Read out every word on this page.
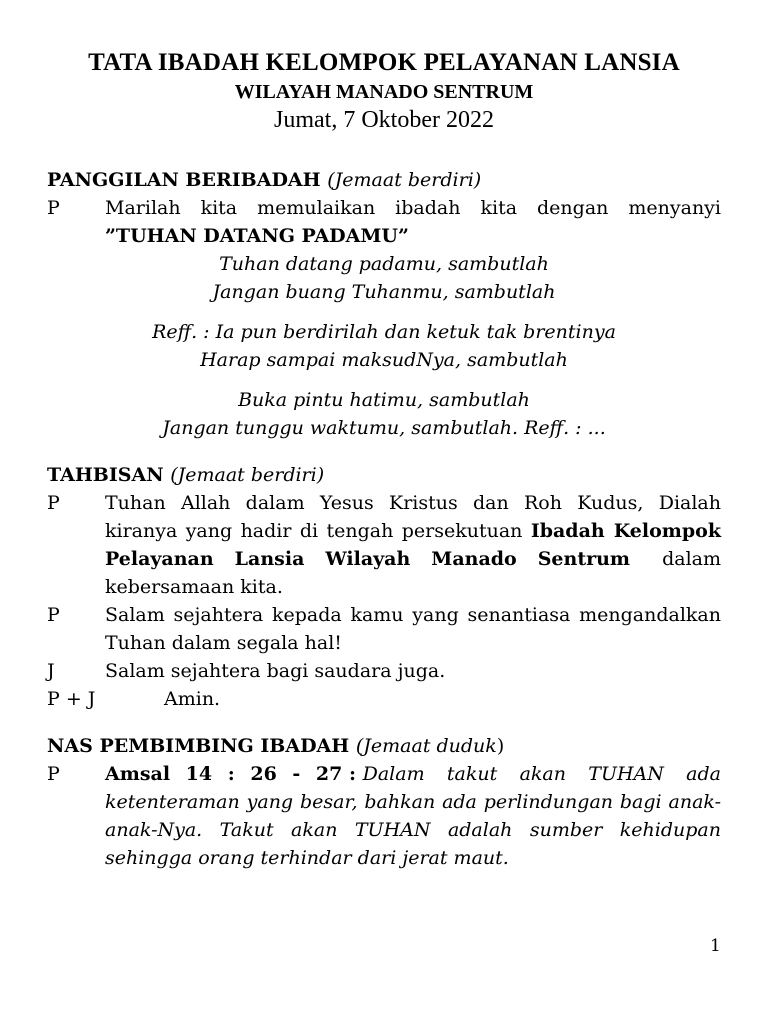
TATA IBADAH KELOMPOK PELAYANAN LANSIA
WILAYAH MANADO SENTRUM
Jumat, 7 Oktober 2022
PANGGILAN BERIBADAH (Jemaat berdiri)
P Marilah kita memulaikan ibadah kita dengan menyanyi
”TUHAN DATANG PADAMU”
Tuhan datang padamu, sambutlah
Jangan buang Tuhanmu, sambutlah
Reff. : Ia pun berdirilah dan ketuk tak brentinya
Harap sampai maksudNya, sambutlah
Buka pintu hatimu, sambutlah
Jangan tunggu waktumu, sambutlah. Reff. : ...
TAHBISAN (Jemaat berdiri)
P Tuhan Allah dalam Yesus Kristus dan Roh Kudus, Dialah
kiranya yang hadir di tengah persekutuan Ibadah Kelompok
Pelayanan Lansia Wilayah Manado Sentrum dalam
kebersamaan kita.
P Salam sejahtera kepada kamu yang senantiasa mengandalkan
Tuhan dalam segala hal!
J	Salam sejahtera bagi saudara juga.
P + J	Amin.
NAS PEMBIMBING IBADAH (Jemaat duduk)
P Amsal 14 : 26 - 27 : Dalam takut akan TUHAN ada
ketenteraman yang besar, bahkan ada perlindungan bagi anak-
anak-Nya. Takut akan TUHAN adalah sumber kehidupan
sehingga orang terhindar dari jerat maut.
1
